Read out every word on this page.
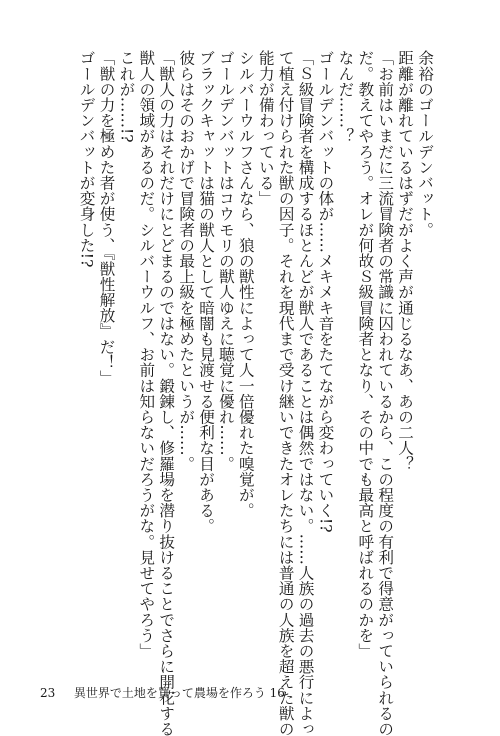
余裕のゴールデンバット。
距離が離れているはずだがよく声が通じるなあ、あの二人？
「お前はいまだに三流冒険者の常識に囚われているから、この程度の有利で得意がっていられるの
だ。教えてやろう。オレが何故Ｓ級冒険者となり、その中でも最高と呼ばれるのかを」
なんだ……？
ゴールデンバットの体が……メキメキ音をたてながら変わっていく!?
「Ｓ級冒険者を構成するほとんどが獣人であることは偶然ではない。……人族の過去の悪行によっ
て植え付けられた獣の因子。それを現代まで受け継いできたオレたちには普通の人族を超えた獣の
能力が備わっている」
シルバーウルフさんなら、狼の獣性によって人一倍優れた嗅覚が。
ゴールデンバットはコウモリの獣人ゆえに聴覚に優れ……。
ブラックキャットは猫の獣人として暗闇も見渡せる便利な目がある。
彼らはそのおかげで冒険者の最上級を極めたというが……。
「獣人の力はそれだけにとどまるのではない。鍛錬し、修羅場を潜り抜けることでさらに開花する
獣人の領域があるのだ。シルバーウルフ、お前は知らないだろうがな。見せてやろう」
これが……!?
「獣の力を極めた者が使う、『獣性解放』だ！」
ゴールデンバットが変身した!?
23 異世界で土地を買って農場を作ろう 16
